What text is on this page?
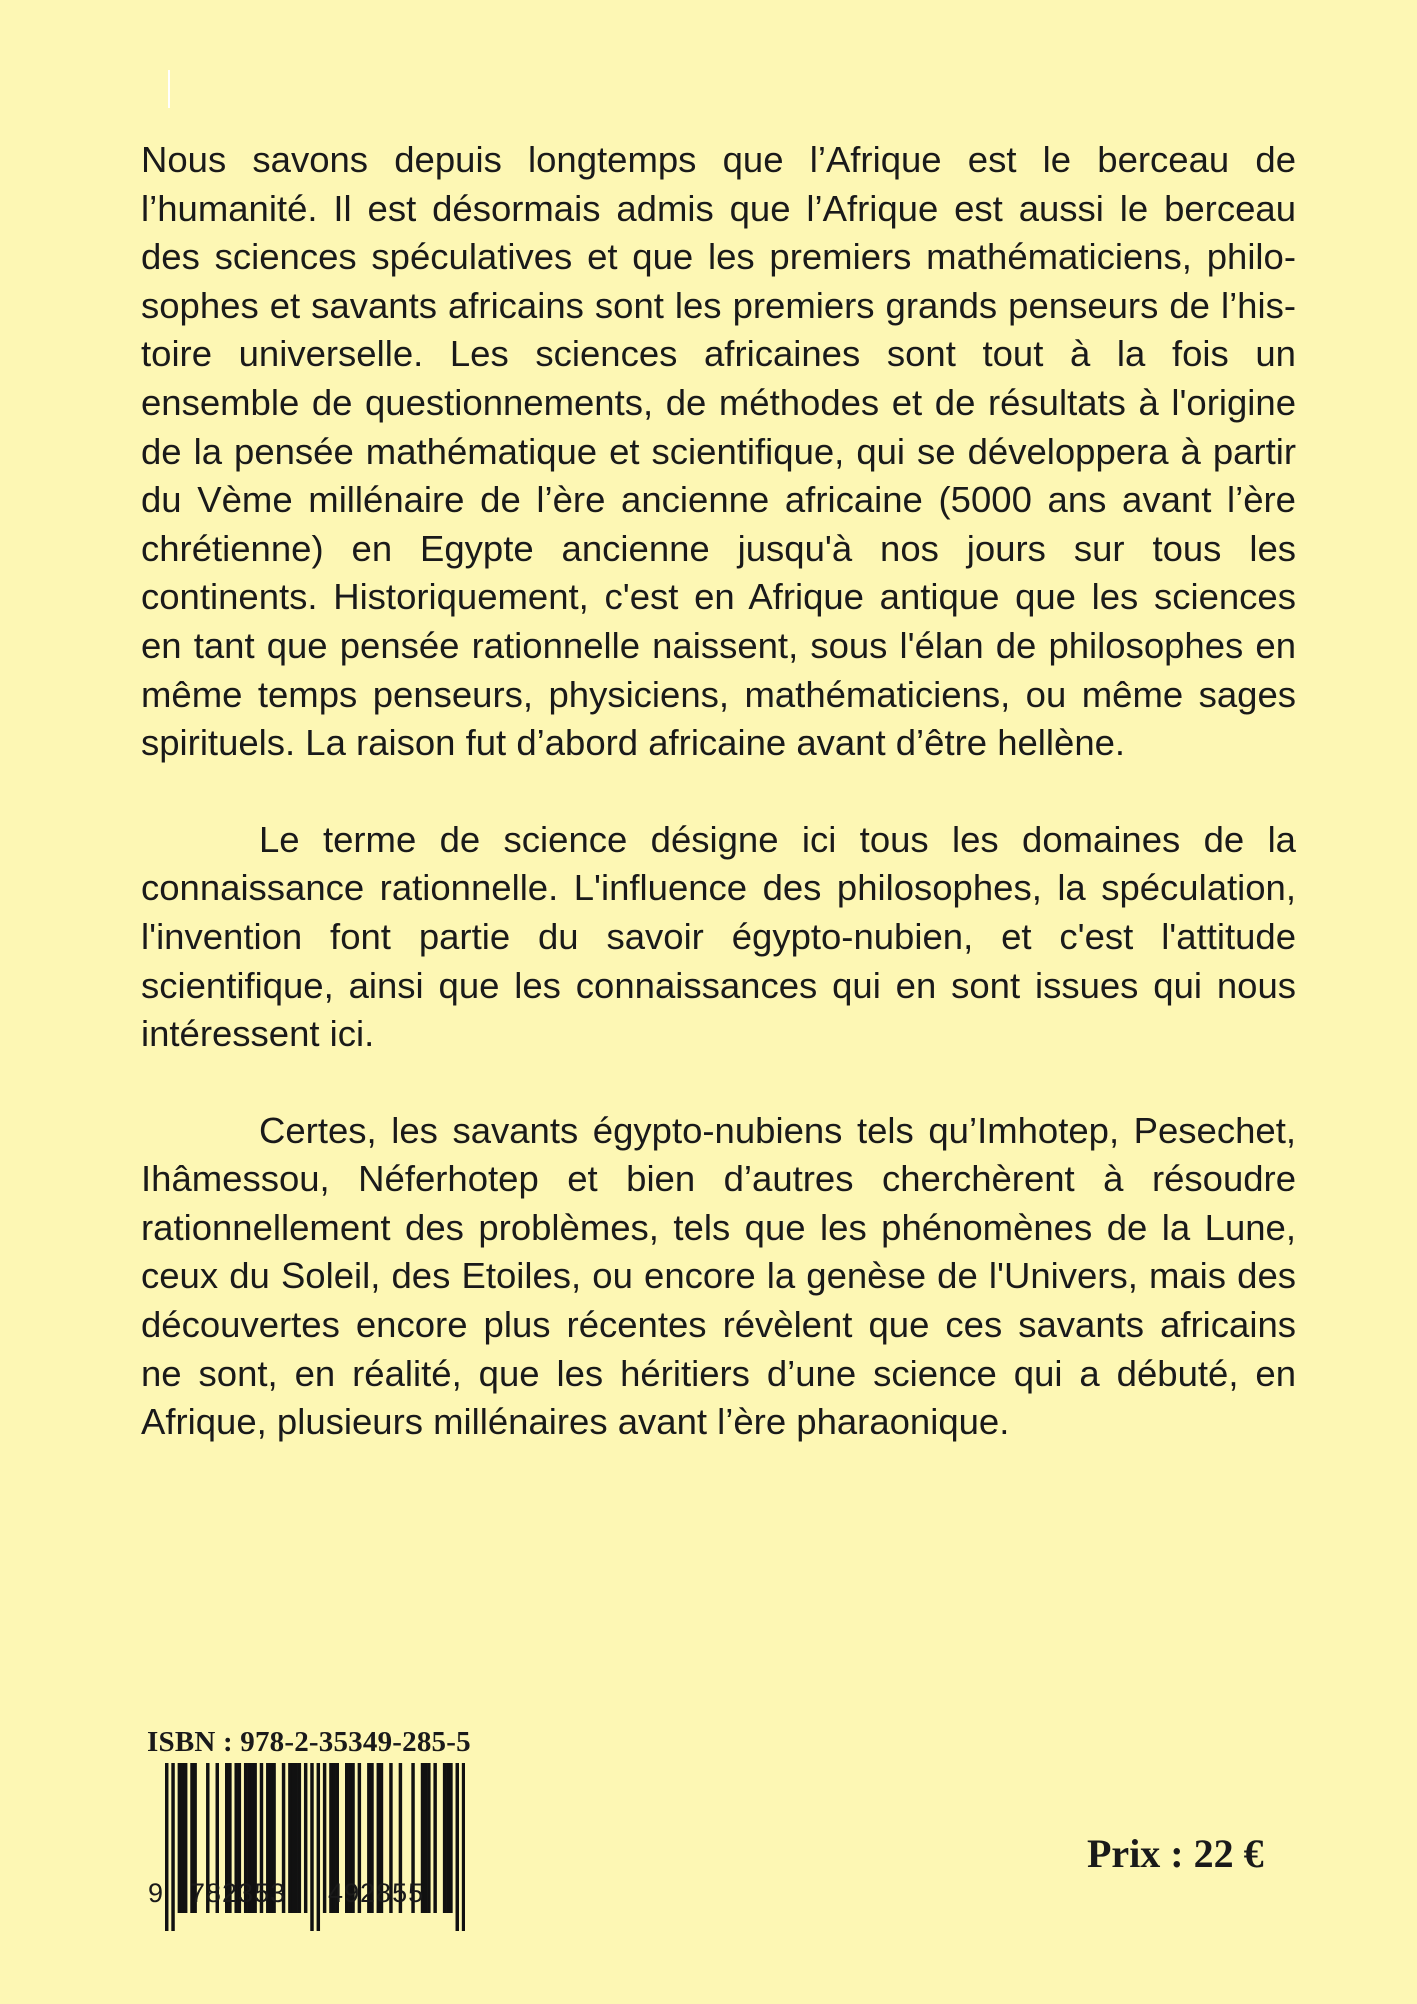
Nous savons depuis longtemps que l’Afrique est le berceau de l’humanité. Il est désormais admis que l’Afrique est aussi le berceau des sciences spéculatives et que les premiers mathématiciens, philosophes et savants africains sont les premiers grands penseurs de l’histoire universelle. Les sciences africaines sont tout à la fois un ensemble de questionnements, de méthodes et de résultats à l'origine de la pensée mathématique et scientifique, qui se développera à partir du Vème millénaire de l’ère ancienne africaine (5000 ans avant l’ère chrétienne) en Egypte ancienne jusqu'à nos jours sur tous les continents. Historiquement, c'est en Afrique antique que les sciences en tant que pensée rationnelle naissent, sous l'élan de philosophes en même temps penseurs, physiciens, mathématiciens, ou même sages spirituels. La raison fut d’abord africaine avant d’être hellène.

Le terme de science désigne ici tous les domaines de la connaissance rationnelle. L'influence des philosophes, la spéculation, l'invention font partie du savoir égypto-nubien, et c'est l'attitude scientifique, ainsi que les connaissances qui en sont issues qui nous intéressent ici.

Certes, les savants égypto-nubiens tels qu’Imhotep, Pesechet, Ihâmessou, Néferhotep et bien d’autres cherchèrent à résoudre rationnellement des problèmes, tels que les phénomènes de la Lune, ceux du Soleil, des Etoiles, ou encore la genèse de l'Univers, mais des découvertes encore plus récentes révèlent que ces savants africains ne sont, en réalité, que les héritiers d’une science qui a débuté, en Afrique, plusieurs millénaires avant l’ère pharaonique.

ISBN : 978-2-35349-285-5
9 782353 492855
Prix : 22 €
